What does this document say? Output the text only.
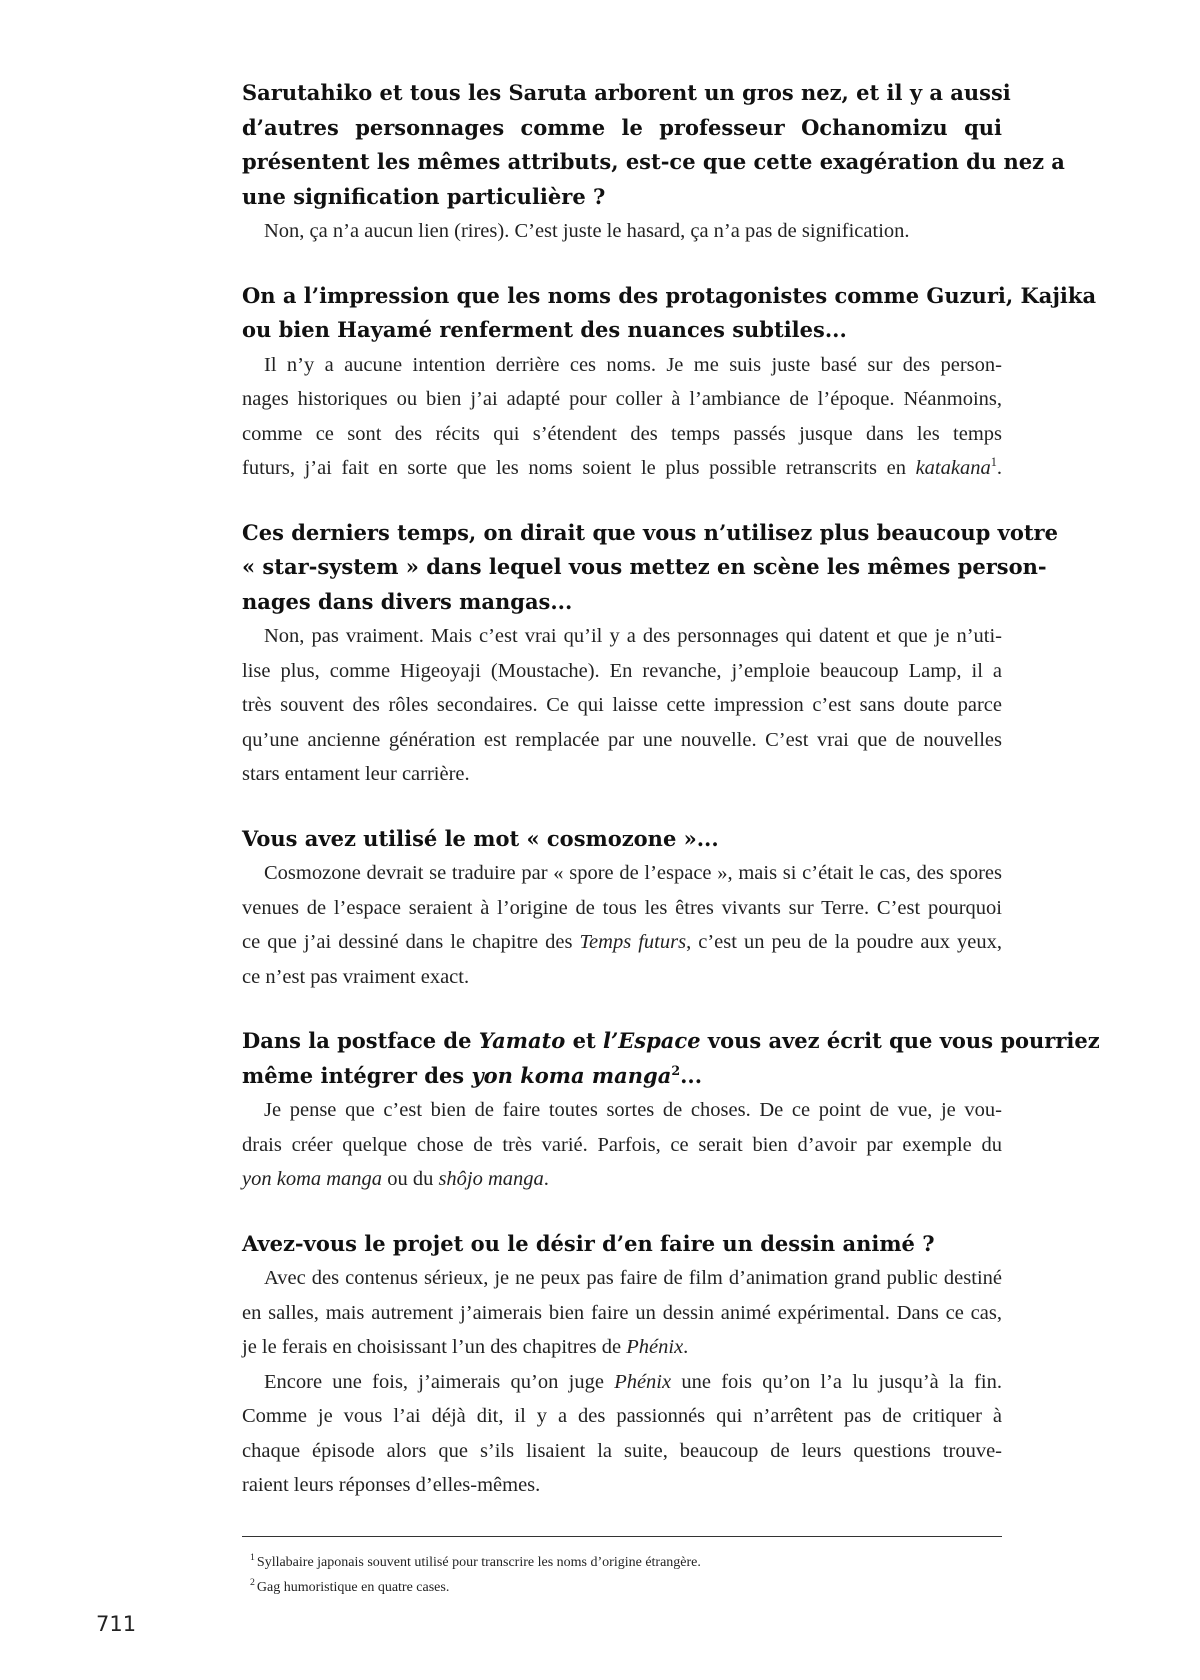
Sarutahiko et tous les Saruta arborent un gros nez, et il y a aussi
d’autres personnages comme le professeur Ochanomizu qui
présentent les mêmes attributs, est-ce que cette exagération du nez a
une signification particulière ?
Non, ça n’a aucun lien (rires). C’est juste le hasard, ça n’a pas de signification.
On a l’impression que les noms des protagonistes comme Guzuri, Kajika
ou bien Hayamé renferment des nuances subtiles...
Il n’y a aucune intention derrière ces noms. Je me suis juste basé sur des person-
nages historiques ou bien j’ai adapté pour coller à l’ambiance de l’époque. Néanmoins,
comme ce sont des récits qui s’étendent des temps passés jusque dans les temps
futurs, j’ai fait en sorte que les noms soient le plus possible retranscrits en katakana$^1$.
Ces derniers temps, on dirait que vous n’utilisez plus beaucoup votre
« star-system » dans lequel vous mettez en scène les mêmes person-
nages dans divers mangas...
Non, pas vraiment. Mais c’est vrai qu’il y a des personnages qui datent et que je n’uti-
lise plus, comme Higeoyaji (Moustache). En revanche, j’emploie beaucoup Lamp, il a
très souvent des rôles secondaires. Ce qui laisse cette impression c’est sans doute parce
qu’une ancienne génération est remplacée par une nouvelle. C’est vrai que de nouvelles
stars entament leur carrière.
Vous avez utilisé le mot « cosmozone »...
Cosmozone devrait se traduire par « spore de l’espace », mais si c’était le cas, des spores
venues de l’espace seraient à l’origine de tous les êtres vivants sur Terre. C’est pourquoi
ce que j’ai dessiné dans le chapitre des Temps futurs, c’est un peu de la poudre aux yeux,
ce n’est pas vraiment exact.
Dans la postface de Yamato et l’Espace vous avez écrit que vous pourriez
même intégrer des yon koma manga$^2$...
Je pense que c’est bien de faire toutes sortes de choses. De ce point de vue, je vou-
drais créer quelque chose de très varié. Parfois, ce serait bien d’avoir par exemple du
yon koma manga ou du shôjo manga.
Avez-vous le projet ou le désir d’en faire un dessin animé ?
Avec des contenus sérieux, je ne peux pas faire de film d’animation grand public destiné
en salles, mais autrement j’aimerais bien faire un dessin animé expérimental. Dans ce cas,
je le ferais en choisissant l’un des chapitres de Phénix.
Encore une fois, j’aimerais qu’on juge Phénix une fois qu’on l’a lu jusqu’à la fin.
Comme je vous l’ai déjà dit, il y a des passionnés qui n’arrêtent pas de critiquer à
chaque épisode alors que s’ils lisaient la suite, beaucoup de leurs questions trouve-
raient leurs réponses d’elles-mêmes.
$^1$ Syllabaire japonais souvent utilisé pour transcrire les noms d’origine étrangère.
$^2$ Gag humoristique en quatre cases.
711
